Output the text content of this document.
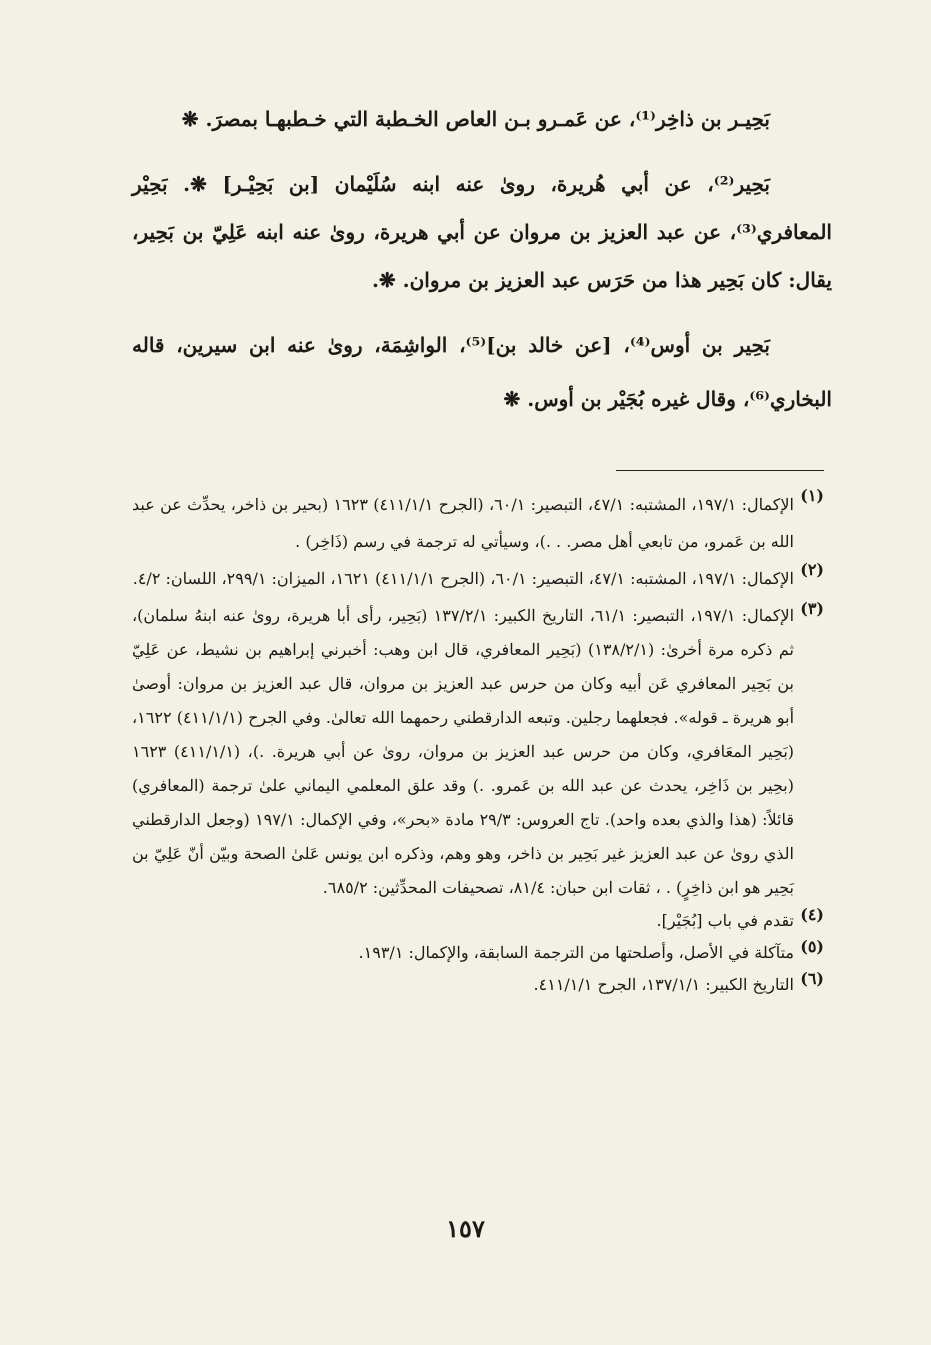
بَحِيـر بن ذاخِر⁽¹⁾، عن عَمـرو بـن العاص الخـطبة التي خـطبهـا بمصرَ. ❋

بَحِير⁽²⁾، عن أبي هُريرة، روىٰ عنه ابنه سُلَيْمان [بن بَحِيْـر] ❋. بَحِيْر المعافري⁽³⁾، عن عبد العزيز بن مروان عن أبي هريرة، روىٰ عنه ابنه عَلِيّ بن بَحِير، يقال: كان بَحِير هذا من حَرَس عبد العزيز بن مروان. ❋.

بَحِير بن أوس⁽⁴⁾، [عن خالد بن]⁽⁵⁾، الواشِمَة، روىٰ عنه ابن سيرين، قاله البخاري⁽⁶⁾، وقال غيره بُجَيْر بن أوس. ❋

(١)
الإكمال: ١٩٧/١، المشتبه: ٤٧/١، التبصير: ٦٠/١، (الجرح ٤١١/١/١) ١٦٢٣ (بحير بن ذاخر، يحدِّث عن عبد الله بن عَمرو، من تابعي أهل مصر. . .)، وسيأتي له ترجمة في رسم (ذَاخِر) .
(٢)
الإكمال: ١٩٧/١، المشتبه: ٤٧/١، التبصير: ٦٠/١، (الجرح ٤١١/١/١) ١٦٢١، الميزان: ٢٩٩/١، اللسان: ٤/٢.
(٣)
الإكمال: ١٩٧/١، التبصير: ٦١/١، التاريخ الكبير: ١٣٧/٢/١ (بَحِير، رأى أبا هريرة، روىٰ عنه ابنهُ سلمان)، ثم ذكره مرة أخرىٰ: (١٣٨/٢/١) (بَحِير المعافري، قال ابن وهب: أخبرني إبراهيم بن نشيط، عن عَلِيّ بن بَحِير المعافري عَن أبيه وكان من حرس عبد العزيز بن مروان، قال عبد العزيز بن مروان: أوصىٰ أبو هريرة ـ قوله». فجعلهما رجلين. وتبعه الدارقطني رحمهما الله تعالىٰ. وفي الجرح (٤١١/١/١) ١٦٢٢، (بَحِير المعَافري، وكان من حرس عبد العزيز بن مروان، روىٰ عن أبي هريرة. .)، (٤١١/١/١) ١٦٢٣ (بحِير بن ذَاخِر، يحدث عن عبد الله بن عَمرو. .) وقد علق المعلمي اليماني علىٰ ترجمة (المعافري) قائلاً: (هذا والذي بعده واحد). تاج العروس: ٢٩/٣ مادة «بحر»، وفي الإكمال: ١٩٧/١ (وجعل الدارقطني الذي روىٰ عن عبد العزيز غير بَحِير بن ذاخر، وهو وهم، وذكره ابن يونس عَلىٰ الصحة وبيّن أنّ عَلِيّ بن بَحِير هو ابن ذاخِرٍ) . ، ثقات ابن حبان: ٨١/٤، تصحيفات المحدِّثين: ٦٨٥/٢.
(٤)
تقدم في باب [بُجَيْر].
(٥)
متآكلة في الأصل، وأصلحتها من الترجمة السابقة، والإكمال: ١٩٣/١.
(٦)
التاريخ الكبير: ١٣٧/١/١، الجرح ٤١١/١/١.
١٥٧
